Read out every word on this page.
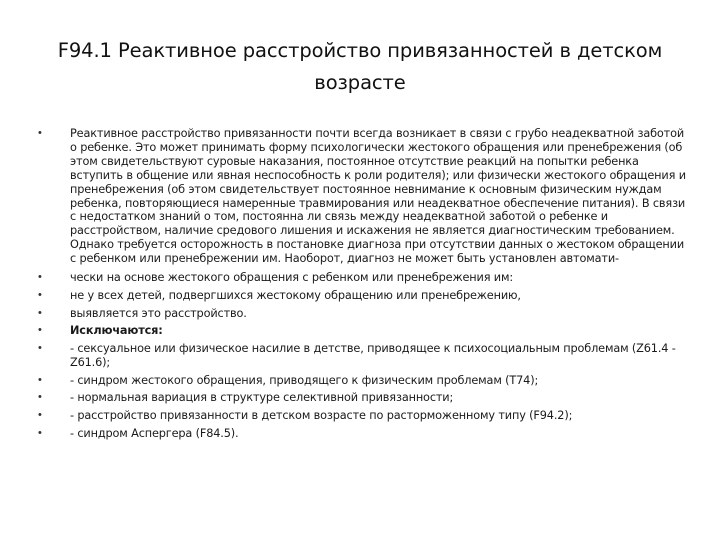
F94.1 Реактивное расстройство привязанностей в детском возрасте
• Реактивное расстройство привязанности почти всегда возникает в связи с грубо неадекватной заботой о ребенке. Это может принимать форму психологически жестокого обращения или пренебрежения (об этом свидетельствуют суровые наказания, постоянное отсутствие реакций на попытки ребенка вступить в общение или явная неспособность к роли родителя); или физически жестокого обращения и пренебрежения (об этом свидетельствует постоянное невнимание к основным физическим нуждам ребенка, повторяющиеся намеренные травмирования или неадекватное обеспечение питания). В связи с недостатком знаний о том, постоянна ли связь между неадекватной заботой о ребенке и расстройством, наличие средового лишения и искажения не является диагностическим требованием. Однако требуется осторожность в постановке диагноза при отсутствии данных о жестоком обращении с ребенком или пренебрежении им. Наоборот, диагноз не может быть установлен автомати-
• чески на основе жестокого обращения с ребенком или пренебрежения им:
• не у всех детей, подвергшихся жестокому обращению или пренебрежению,
• выявляется это расстройство.
• Исключаются:
• - сексуальное или физическое насилие в детстве, приводящее к психосоциальным проблемам (Z61.4 - Z61.6);
• - синдром жестокого обращения, приводящего к физическим проблемам (T74);
• - нормальная вариация в структуре селективной привязанности;
• - расстройство привязанности в детском возрасте по расторможенному типу (F94.2);
• - синдром Аспергера (F84.5).
